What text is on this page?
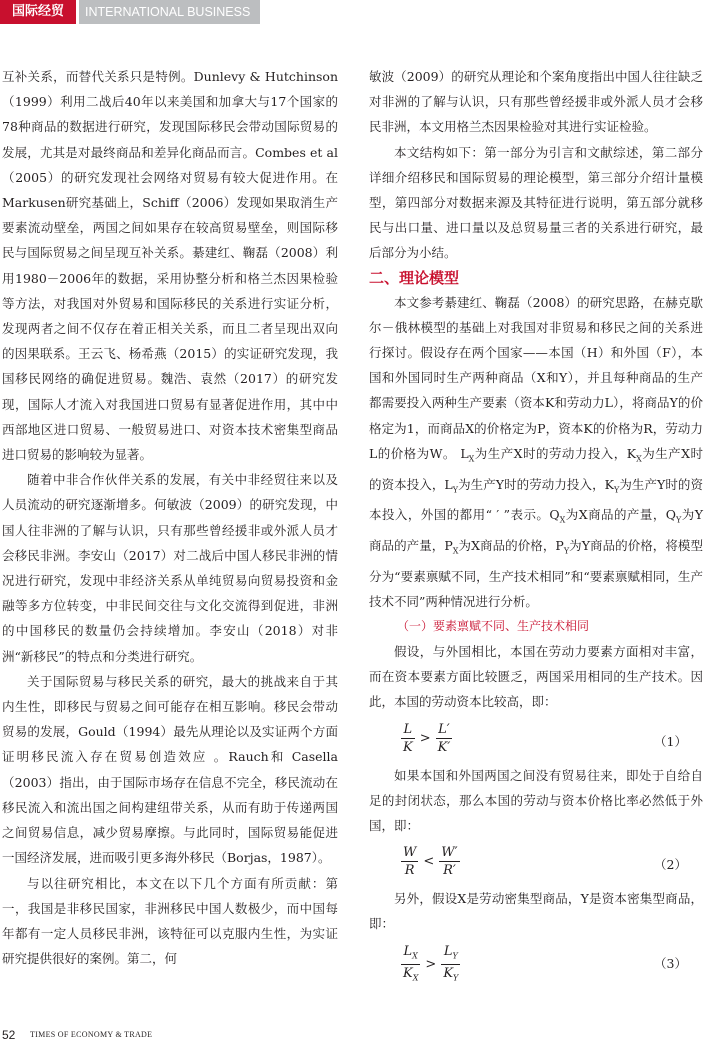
国际经贸	INTERNATIONAL BUSINESS

互补关系，而替代关系只是特例。Dunlevy & Hutchinson（1999）利用二战后40年以来美国和加拿大与17个国家的78种商品的数据进行研究，发现国际移民会带动国际贸易的发展，尤其是对最终商品和差异化商品而言。Combes et al （2005）的研究发现社会网络对贸易有较大促进作用。在Markusen研究基础上，Schiff（2006）发现如果取消生产要素流动壁垒，两国之间如果存在较高贸易壁垒，则国际移民与国际贸易之间呈现互补关系。綦建红、鞠磊（2008）利用1980－2006年的数据，采用协整分析和格兰杰因果检验等方法，对我国对外贸易和国际移民的关系进行实证分析，发现两者之间不仅存在着正相关关系，而且二者呈现出双向的因果联系。王云飞、杨希燕（2015）的实证研究发现，我国移民网络的确促进贸易。魏浩、袁然（2017）的研究发现，国际人才流入对我国进口贸易有显著促进作用，其中中西部地区进口贸易、一般贸易进口、对资本技术密集型商品进口贸易的影响较为显著。

随着中非合作伙伴关系的发展，有关中非经贸往来以及人员流动的研究逐渐增多。何敏波（2009）的研究发现，中国人往非洲的了解与认识，只有那些曾经援非或外派人员才会移民非洲。李安山（2017）对二战后中国人移民非洲的情况进行研究，发现中非经济关系从单纯贸易向贸易投资和金融等多方位转变，中非民间交往与文化交流得到促进，非洲的中国移民的数量仍会持续增加。李安山（2018）对非洲“新移民”的特点和分类进行研究。

关于国际贸易与移民关系的研究，最大的挑战来自于其内生性，即移民与贸易之间可能存在相互影响。移民会带动贸易的发展，Gould（1994）最先从理论以及实证两个方面证明移民流入存在贸易创造效应 。Rauch和 Casella（2003）指出，由于国际市场存在信息不完全，移民流动在移民流入和流出国之间构建纽带关系，从而有助于传递两国之间贸易信息，减少贸易摩擦。与此同时，国际贸易能促进一国经济发展，进而吸引更多海外移民（Borjas，1987）。

与以往研究相比，本文在以下几个方面有所贡献：第一，我国是非移民国家，非洲移民中国人数极少，而中国每年都有一定人员移民非洲，该特征可以克服内生性，为实证研究提供很好的案例。第二，何

敏波（2009）的研究从理论和个案角度指出中国人往往缺乏对非洲的了解与认识，只有那些曾经援非或外派人员才会移民非洲，本文用格兰杰因果检验对其进行实证检验。

本文结构如下：第一部分为引言和文献综述，第二部分详细介绍移民和国际贸易的理论模型，第三部分介绍计量模型，第四部分对数据来源及其特征进行说明，第五部分就移民与出口量、进口量以及总贸易量三者的关系进行研究，最后部分为小结。

二、理论模型

本文参考綦建红、鞠磊（2008）的研究思路，在赫克歇尔－俄林模型的基础上对我国对非贸易和移民之间的关系进行探讨。假设存在两个国家——本国（H）和外国（F），本国和外国同时生产两种商品（X和Y），并且每种商品的生产都需要投入两种生产要素（资本K和劳动力L），将商品Y的价格定为1，而商品X的价格定为P，资本K的价格为R，劳动力L的价格为W。 $L_X$为生产X时的劳动力投入，$K_X$为生产X时的资本投入，$L_Y$为生产Y时的劳动力投入，$K_Y$为生产Y时的资本投入，外国的都用“ ′ ”表示。$Q_X$为X商品的产量，$Q_Y$为Y商品的产量，$P_X$为X商品的价格，$P_Y$为Y商品的价格，将模型分为“要素禀赋不同，生产技术相同”和“要素禀赋相同，生产技术不同”两种情况进行分析。

（一）要素禀赋不同、生产技术相同

假设，与外国相比，本国在劳动力要素方面相对丰富，而在资本要素方面比较匮乏，两国采用相同的生产技术。因此，本国的劳动资本比较高，即：

$\frac{L}{K} > \frac{L'}{K'}$	（1）

如果本国和外国两国之间没有贸易往来，即处于自给自足的封闭状态，那么本国的劳动与资本价格比率必然低于外国，即：

$\frac{W}{R} < \frac{W'}{R'}$	（2）

另外，假设X是劳动密集型商品，Y是资本密集型商品，即：

$\frac{L_X}{K_X} > \frac{L_Y}{K_Y}$	（3）
52 TIMES OF ECONOMY & TRADE
